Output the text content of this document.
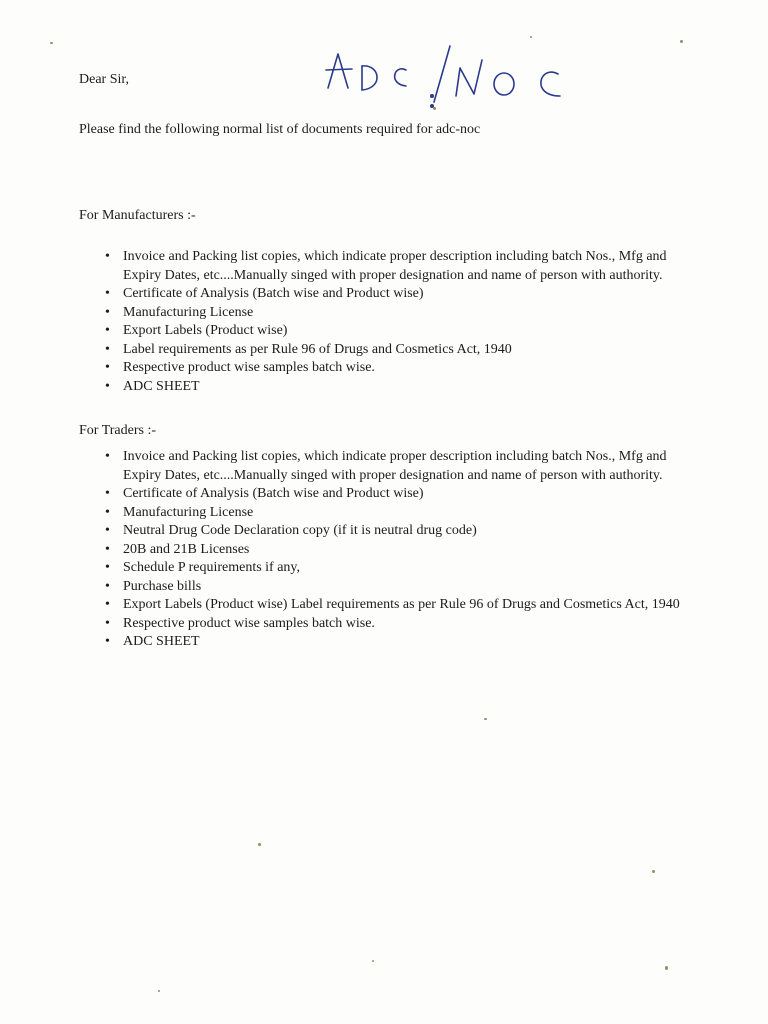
Dear Sir,
Please find the following normal list of documents required for adc-noc
For Manufacturers :-
• Invoice and Packing list copies, which indicate proper description including batch Nos., Mfg and Expiry Dates, etc....Manually singed with proper designation and name of person with authority.
• Certificate of Analysis (Batch wise and Product wise)
• Manufacturing License
• Export Labels (Product wise)
• Label requirements as per Rule 96 of Drugs and Cosmetics Act, 1940
• Respective product wise samples batch wise.
• ADC SHEET
For Traders :-
• Invoice and Packing list copies, which indicate proper description including batch Nos., Mfg and Expiry Dates, etc....Manually singed with proper designation and name of person with authority.
• Certificate of Analysis (Batch wise and Product wise)
• Manufacturing License
• Neutral Drug Code Declaration copy (if it is neutral drug code)
• 20B and 21B Licenses
• Schedule P requirements if any,
• Purchase bills
• Export Labels (Product wise) Label requirements as per Rule 96 of Drugs and Cosmetics Act, 1940
• Respective product wise samples batch wise.
• ADC SHEET
